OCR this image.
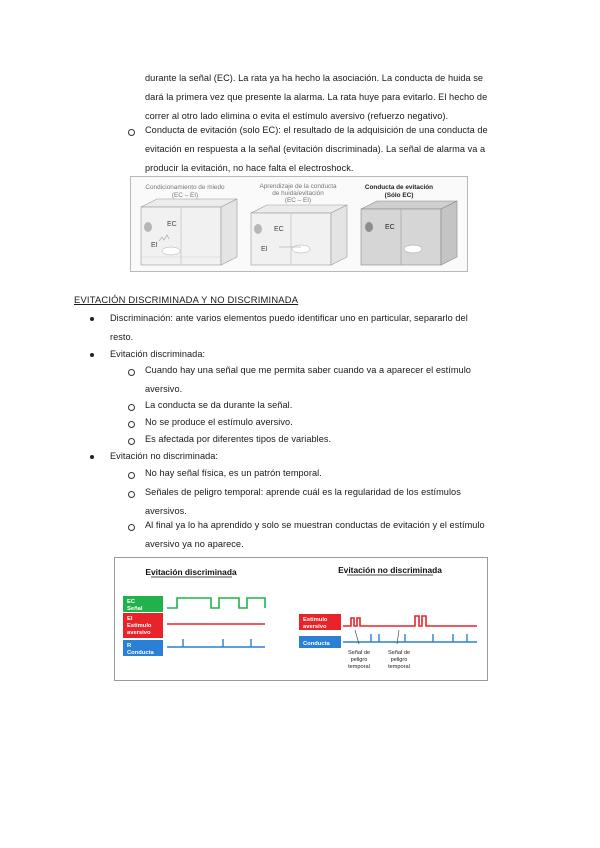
durante la señal (EC). La rata ya ha hecho la asociación. La conducta de huida se
dará la primera vez que presente la alarma. La rata huye para evitarlo. El hecho de
correr al otro lado elimina o evita el estímulo aversivo (refuerzo negativo).
Conducta de evitación (solo EC): el resultado de la adquisición de una conducta de
evitación en respuesta a la señal (evitación discriminada). La señal de alarma va a
producir la evitación, no hace falta el electroshock.
Condicionamiento de miedo
(EC – EI)
EC
EI
Aprendizaje de la conducta
de huida/evitación
(EC – EI)
EC
EI
Conducta de evitación
(Sólo EC)
EC
EVITACIÓN DISCRIMINADA Y NO DISCRIMINADA
Discriminación: ante varios elementos puedo identificar uno en particular, separarlo del
resto.
Evitación discriminada:
Cuando hay una señal que me permita saber cuando va a aparecer el estímulo
aversivo.
La conducta se da durante la señal.
No se produce el estímulo aversivo.
Es afectada por diferentes tipos de variables.
Evitación no discriminada:
No hay señal física, es un patrón temporal.
Señales de peligro temporal: aprende cuál es la regularidad de los estímulos
aversivos.
Al final ya lo ha aprendido y solo se muestran conductas de evitación y el estímulo
aversivo ya no aparece.
Evitación discriminada
EC
Señal
EI
Estímulo
aversivo
R
Conducta
Evitación no discriminada
Estímulo
aversivo
Conducta
Señal de
peligro
temporal
Señal de
peligro
temporal
